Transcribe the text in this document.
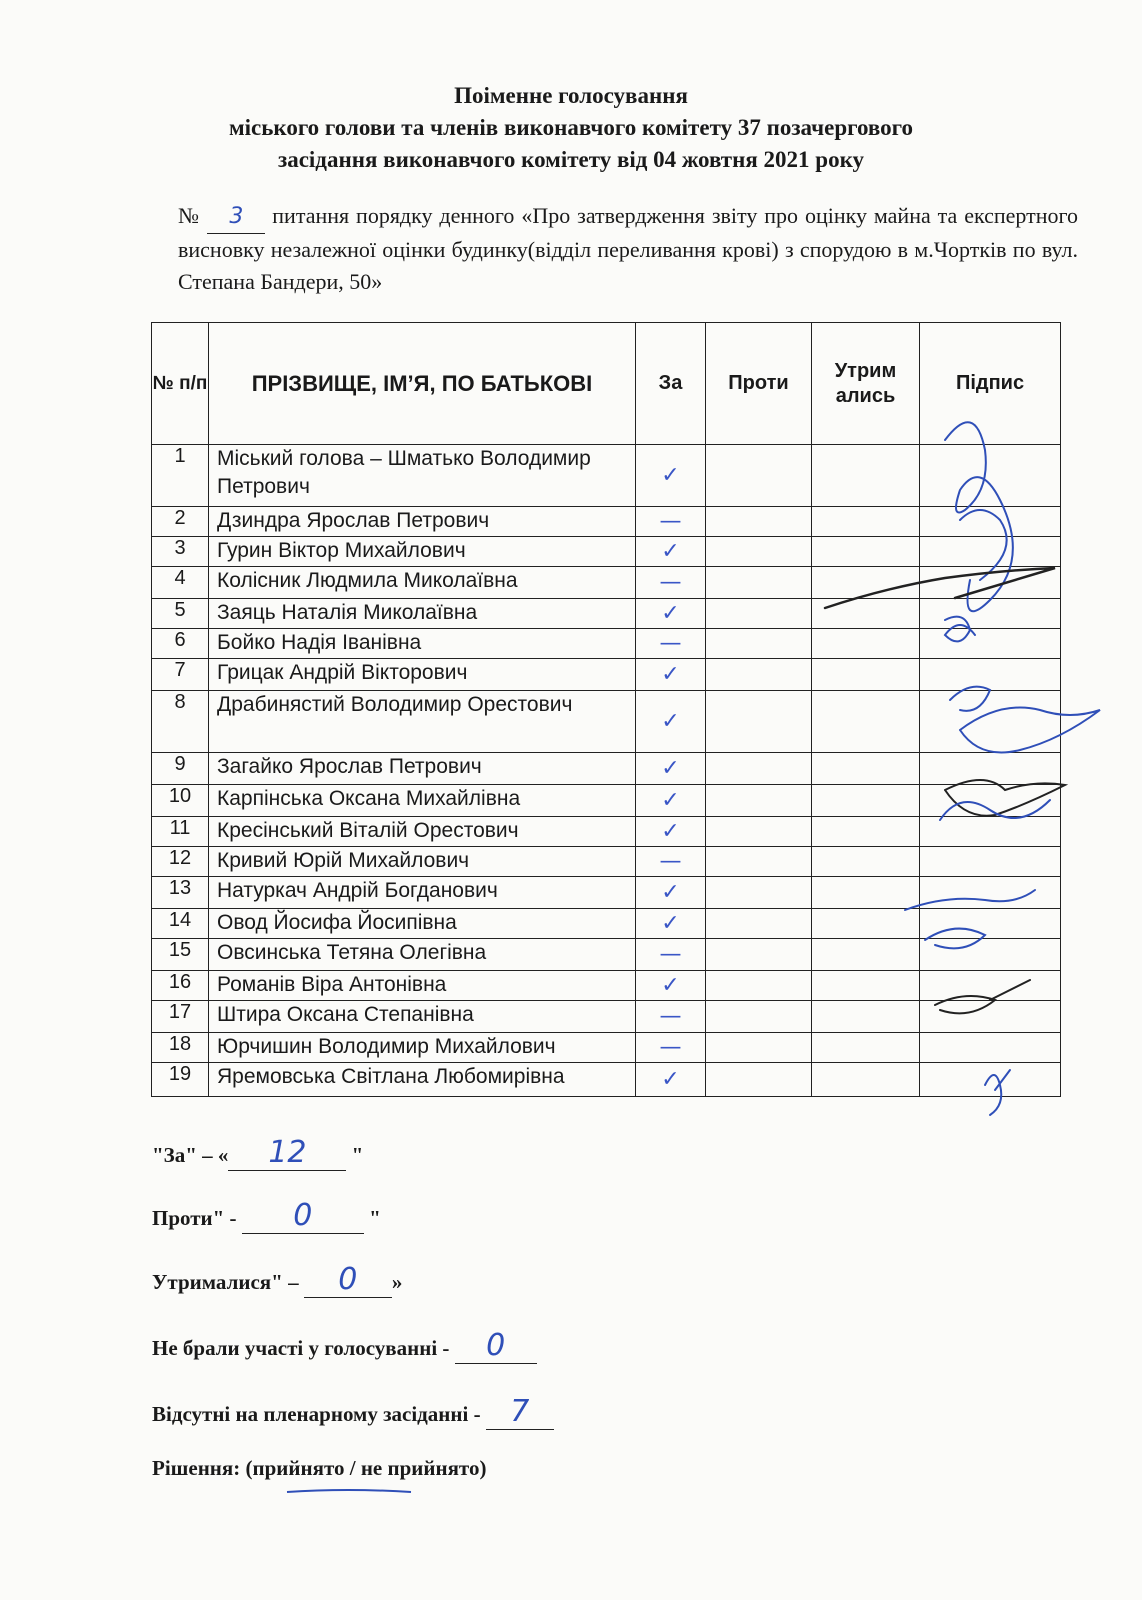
Поіменне голосування
міського голови та членів виконавчого комітету 37 позачергового
засідання виконавчого комітету від 04 жовтня 2021 року
№ 3 питання порядку денного «Про затвердження звіту про оцінку майна та експертного висновку незалежної оцінки будинку(відділ переливання крові) з спорудою в м.Чортків по вул. Степана Бандери, 50»
№ п/п	ПРІЗВИЩЕ, ІМ’Я, ПО БАТЬКОВІ	За	Проти	Утрим ались	Підпис
1	Міський голова – Шматько Володимир Петрович	✓			
2	Дзиндра Ярослав Петрович	—			
3	Гурин Віктор Михайлович	✓			
4	Колісник Людмила Миколаївна	—			
5	Заяць Наталія Миколаївна	✓			
6	Бойко Надія Іванівна	—			
7	Грицак Андрій Вікторович	✓			
8	Драбинястий Володимир Орестович	✓			
9	Загайко Ярослав Петрович	✓			
10	Карпінська Оксана Михайлівна	✓			
11	Кресінський Віталій Орестович	✓			
12	Кривий Юрій Михайлович	—			
13	Натуркач Андрій Богданович	✓			
14	Овод Йосифа Йосипівна	✓			
15	Овсинська Тетяна Олегівна	—			
16	Романів Віра Антонівна	✓			
17	Штира Оксана Степанівна	—			
18	Юрчишин Володимир Михайлович	—			
19	Яремовська Світлана Любомирівна	✓			
"За" – « 12 "
Проти" - 0	"
Утрималися" – 0 »
Не брали участі у голосуванні - 0
Відсутні на пленарному засіданні - 7
Рішення: (прийнято / не прийнято)
